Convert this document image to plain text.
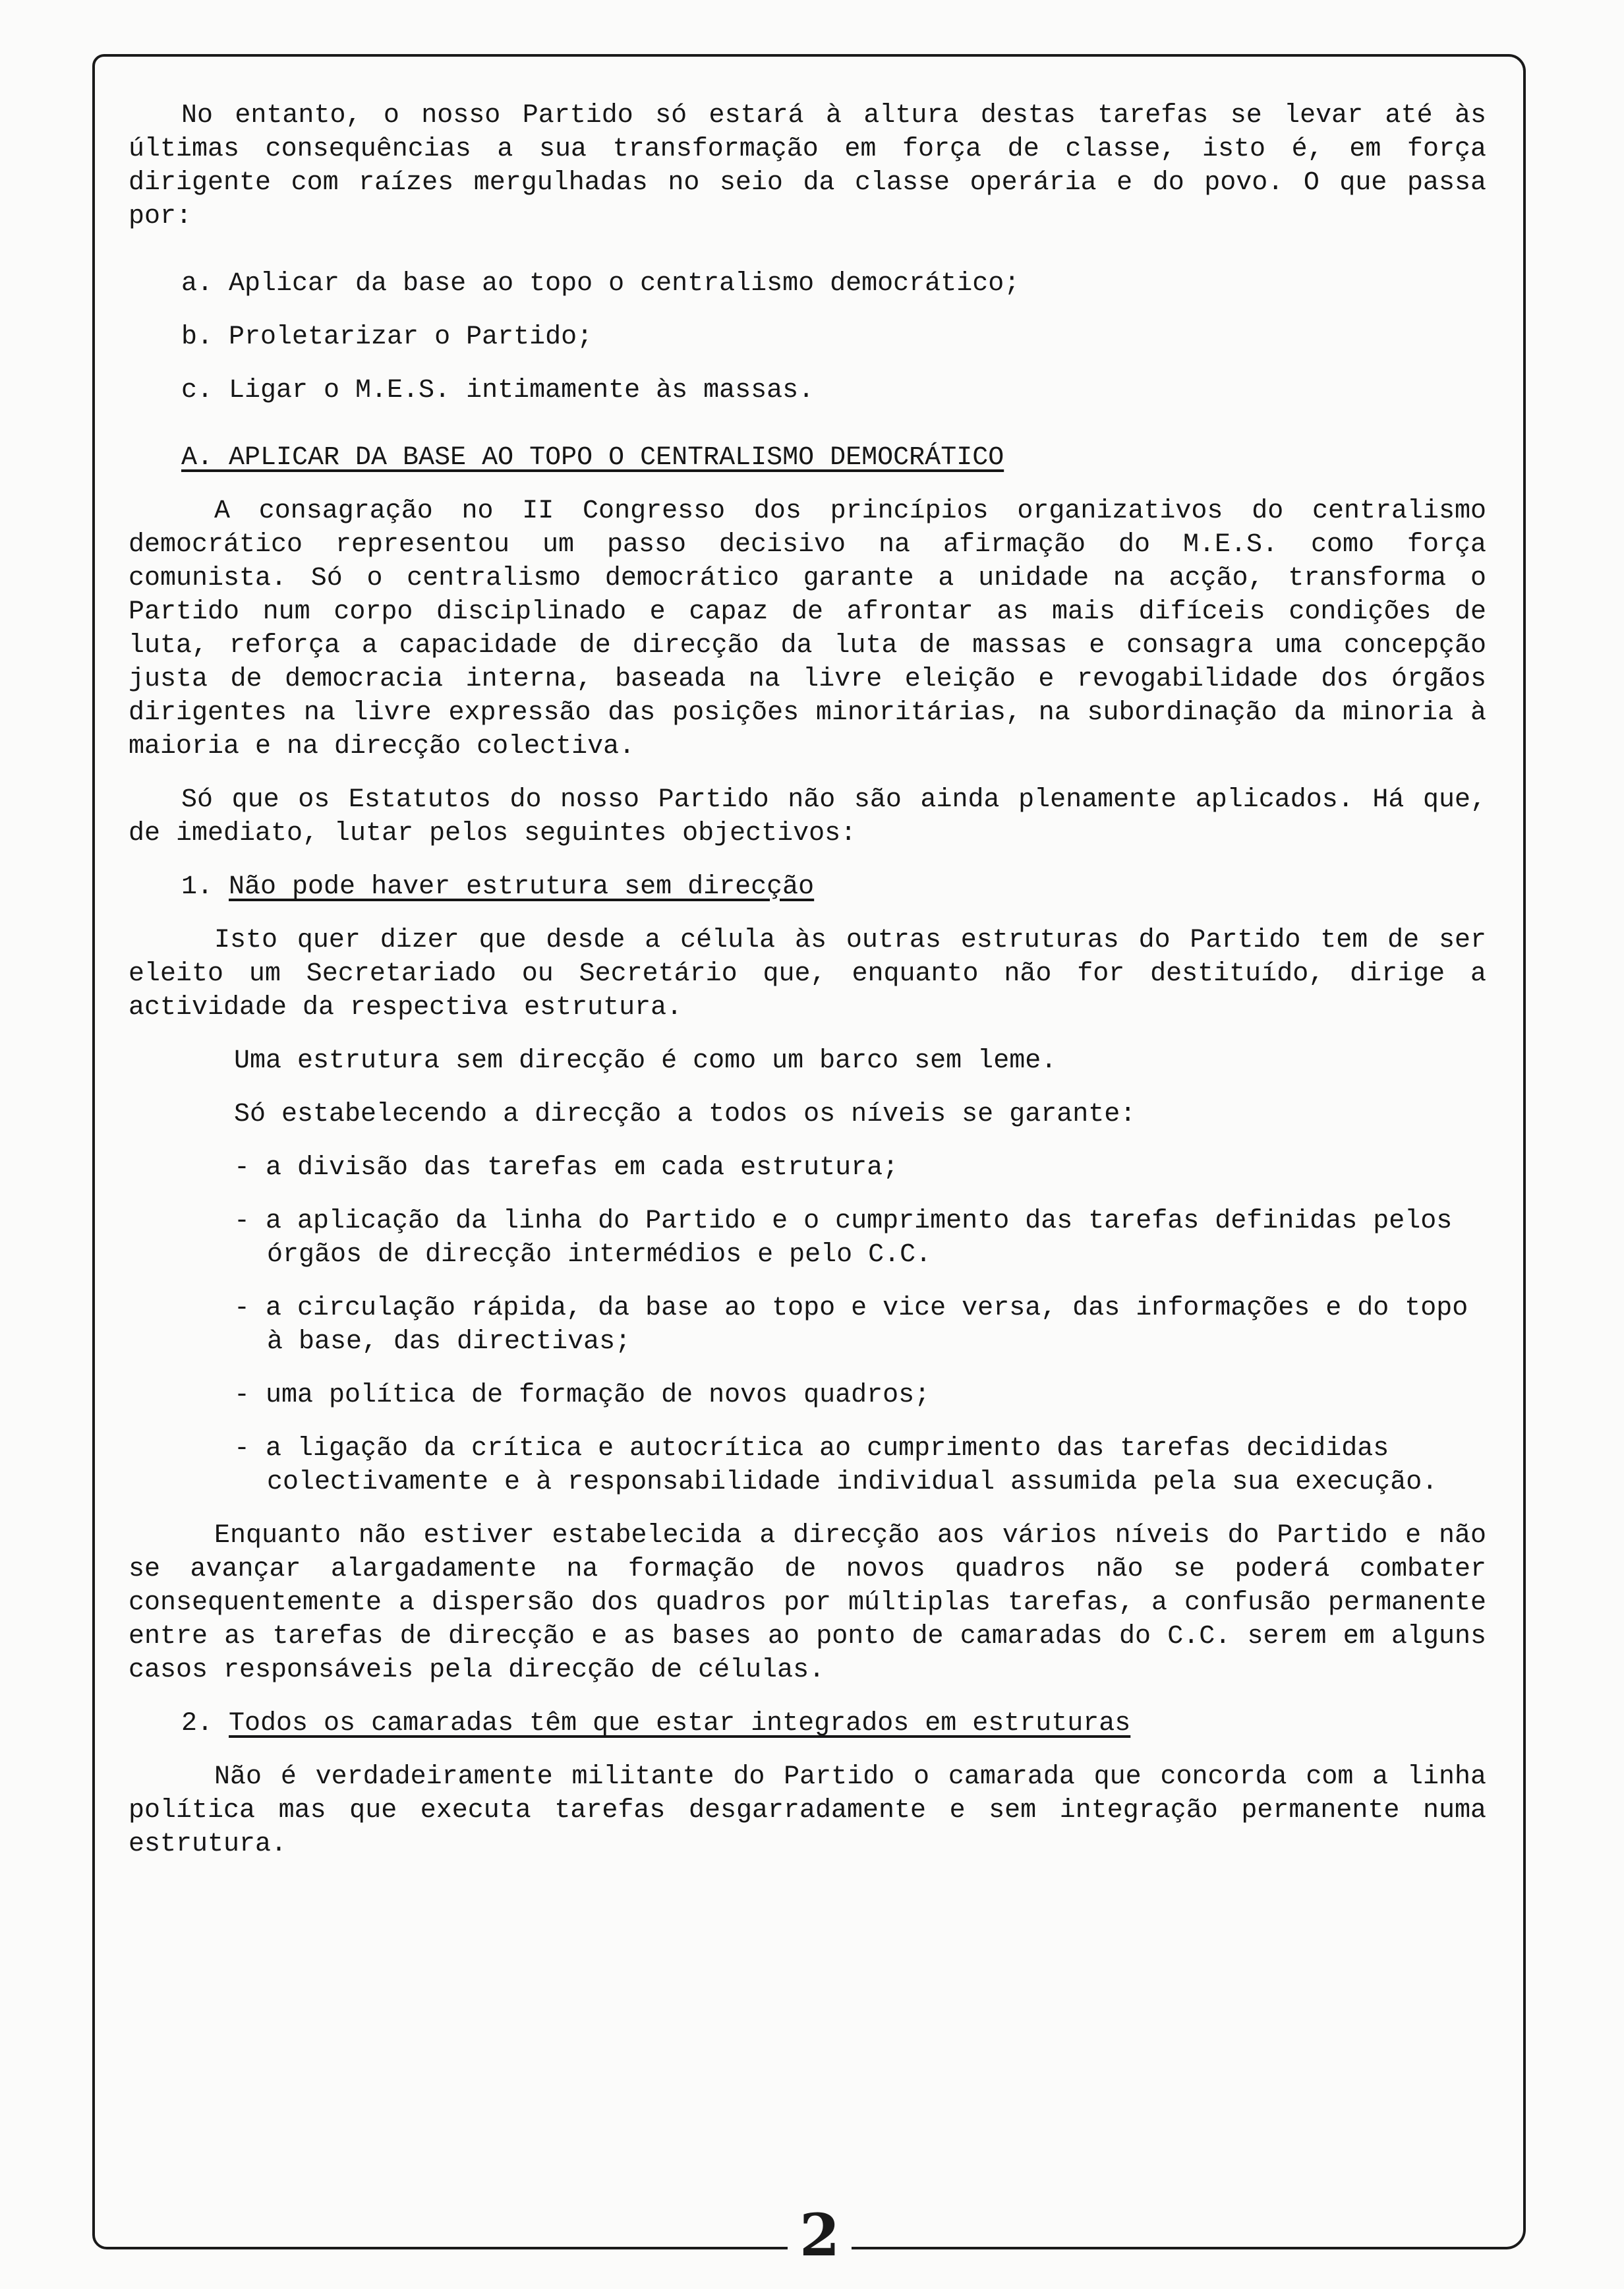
No entanto, o nosso Partido só estará à altura destas tarefas se levar até às últimas consequências a sua transformação em força de classe, isto é, em força dirigente com raízes mergulhadas no seio da classe operária e do povo. O que passa por:

a. Aplicar da base ao topo o centralismo democrático;

b. Proletarizar o Partido;

c. Ligar o M.E.S. intimamente às massas.

A. APLICAR DA BASE AO TOPO O CENTRALISMO DEMOCRÁTICO

A consagração no II Congresso dos princípios organizativos do centralismo democrático representou um passo decisivo na afirmação do M.E.S. como força comunista. Só o centralismo democrático garante a unidade na acção, transforma o Partido num corpo disciplinado e capaz de afrontar as mais difíceis condições de luta, reforça a capacidade de direcção da luta de massas e consagra uma concepção justa de democracia interna, baseada na livre eleição e revogabilidade dos órgãos dirigentes na livre expressão das posições minoritárias, na subordinação da minoria à maioria e na direcção colectiva.

Só que os Estatutos do nosso Partido não são ainda plenamente aplicados. Há que, de imediato, lutar pelos seguintes objectivos:

1. Não pode haver estrutura sem direcção

Isto quer dizer que desde a célula às outras estruturas do Partido tem de ser eleito um Secretariado ou Secretário que, enquanto não for destituído, dirige a actividade da respectiva estrutura.

Uma estrutura sem direcção é como um barco sem leme.

Só estabelecendo a direcção a todos os níveis se garante:

- a divisão das tarefas em cada estrutura;

- a aplicação da linha do Partido e o cumprimento das tarefas definidas pelos órgãos de direcção intermédios e pelo C.C.

- a circulação rápida, da base ao topo e vice versa, das informações e do topo à base, das directivas;

- uma política de formação de novos quadros;

- a ligação da crítica e autocrítica ao cumprimento das tarefas decididas colectivamente e à responsabilidade individual assumida pela sua execução.

Enquanto não estiver estabelecida a direcção aos vários níveis do Partido e não se avançar alargadamente na formação de novos quadros não se poderá combater consequentemente a dispersão dos quadros por múltiplas tarefas, a confusão permanente entre as tarefas de direcção e as bases ao ponto de camaradas do C.C. serem em alguns casos responsáveis pela direcção de células.

2. Todos os camaradas têm que estar integrados em estruturas

Não é verdadeiramente militante do Partido o camarada que concorda com a linha política mas que executa tarefas desgarradamente e sem integração permanente numa estrutura.

2
